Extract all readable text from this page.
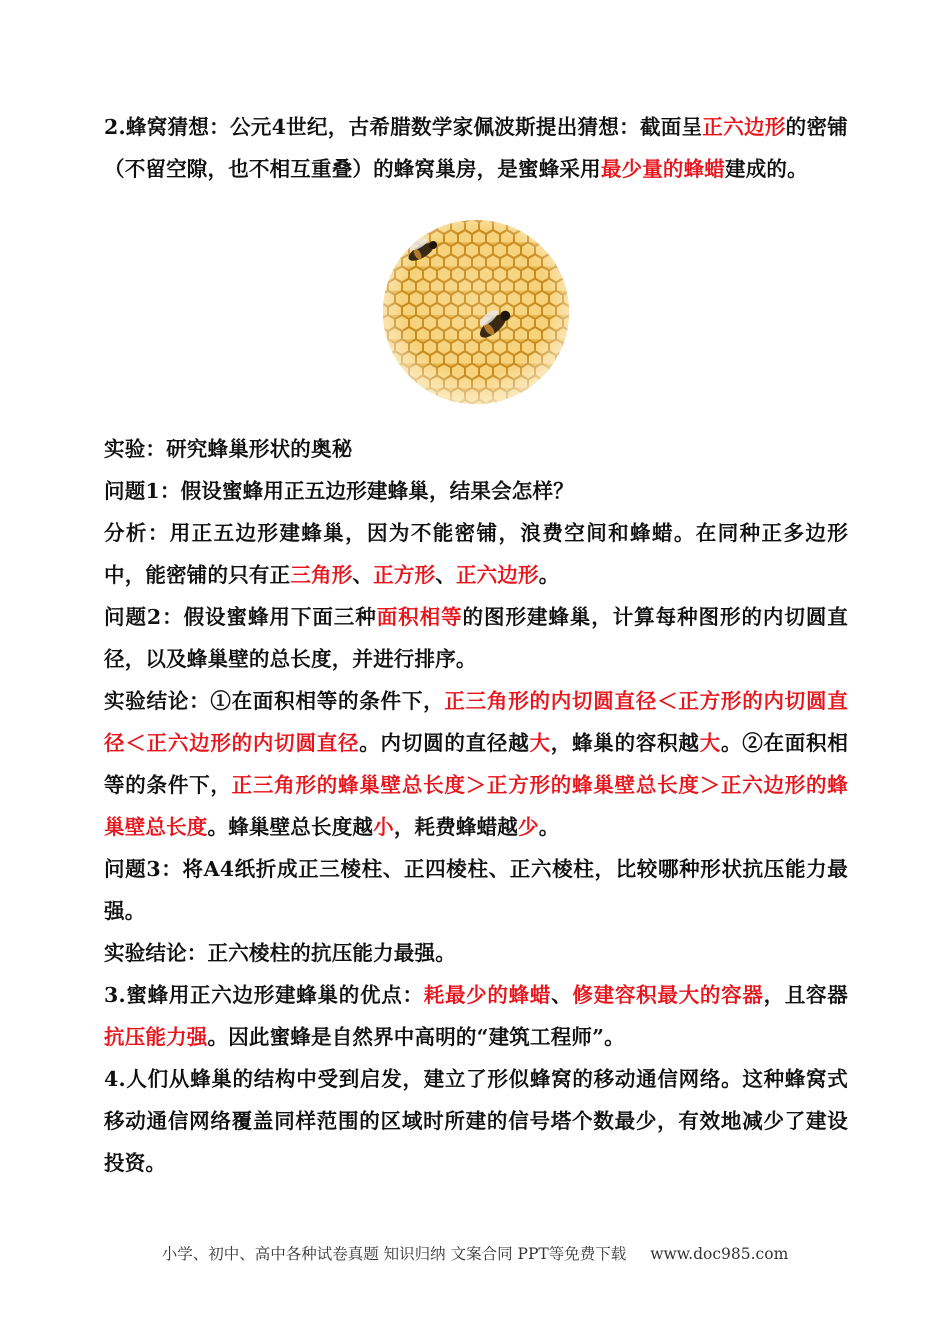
2.蜂窝猜想：公元4世纪，古希腊数学家佩波斯提出猜想：截面呈正六边形的密铺（不留空隙，也不相互重叠）的蜂窝巢房，是蜜蜂采用最少量的蜂蜡建成的。

实验：研究蜂巢形状的奥秘

问题1：假设蜜蜂用正五边形建蜂巢，结果会怎样？

分析：用正五边形建蜂巢，因为不能密铺，浪费空间和蜂蜡。在同种正多边形中，能密铺的只有正三角形、正方形、正六边形。

问题2：假设蜜蜂用下面三种面积相等的图形建蜂巢，计算每种图形的内切圆直径，以及蜂巢壁的总长度，并进行排序。

实验结论：①在面积相等的条件下，正三角形的内切圆直径＜正方形的内切圆直径＜正六边形的内切圆直径。内切圆的直径越大，蜂巢的容积越大。②在面积相等的条件下，正三角形的蜂巢壁总长度＞正方形的蜂巢壁总长度＞正六边形的蜂巢壁总长度。蜂巢壁总长度越小，耗费蜂蜡越少。

问题3：将A4纸折成正三棱柱、正四棱柱、正六棱柱，比较哪种形状抗压能力最强。

实验结论：正六棱柱的抗压能力最强。

3.蜜蜂用正六边形建蜂巢的优点：耗最少的蜂蜡、修建容积最大的容器，且容器抗压能力强。因此蜜蜂是自然界中高明的“建筑工程师”。

4.人们从蜂巢的结构中受到启发，建立了形似蜂窝的移动通信网络。这种蜂窝式移动通信网络覆盖同样范围的区域时所建的信号塔个数最少，有效地减少了建设投资。

小学、初中、高中各种试卷真题 知识归纳 文案合同 PPT等免费下载 www.doc985.com
